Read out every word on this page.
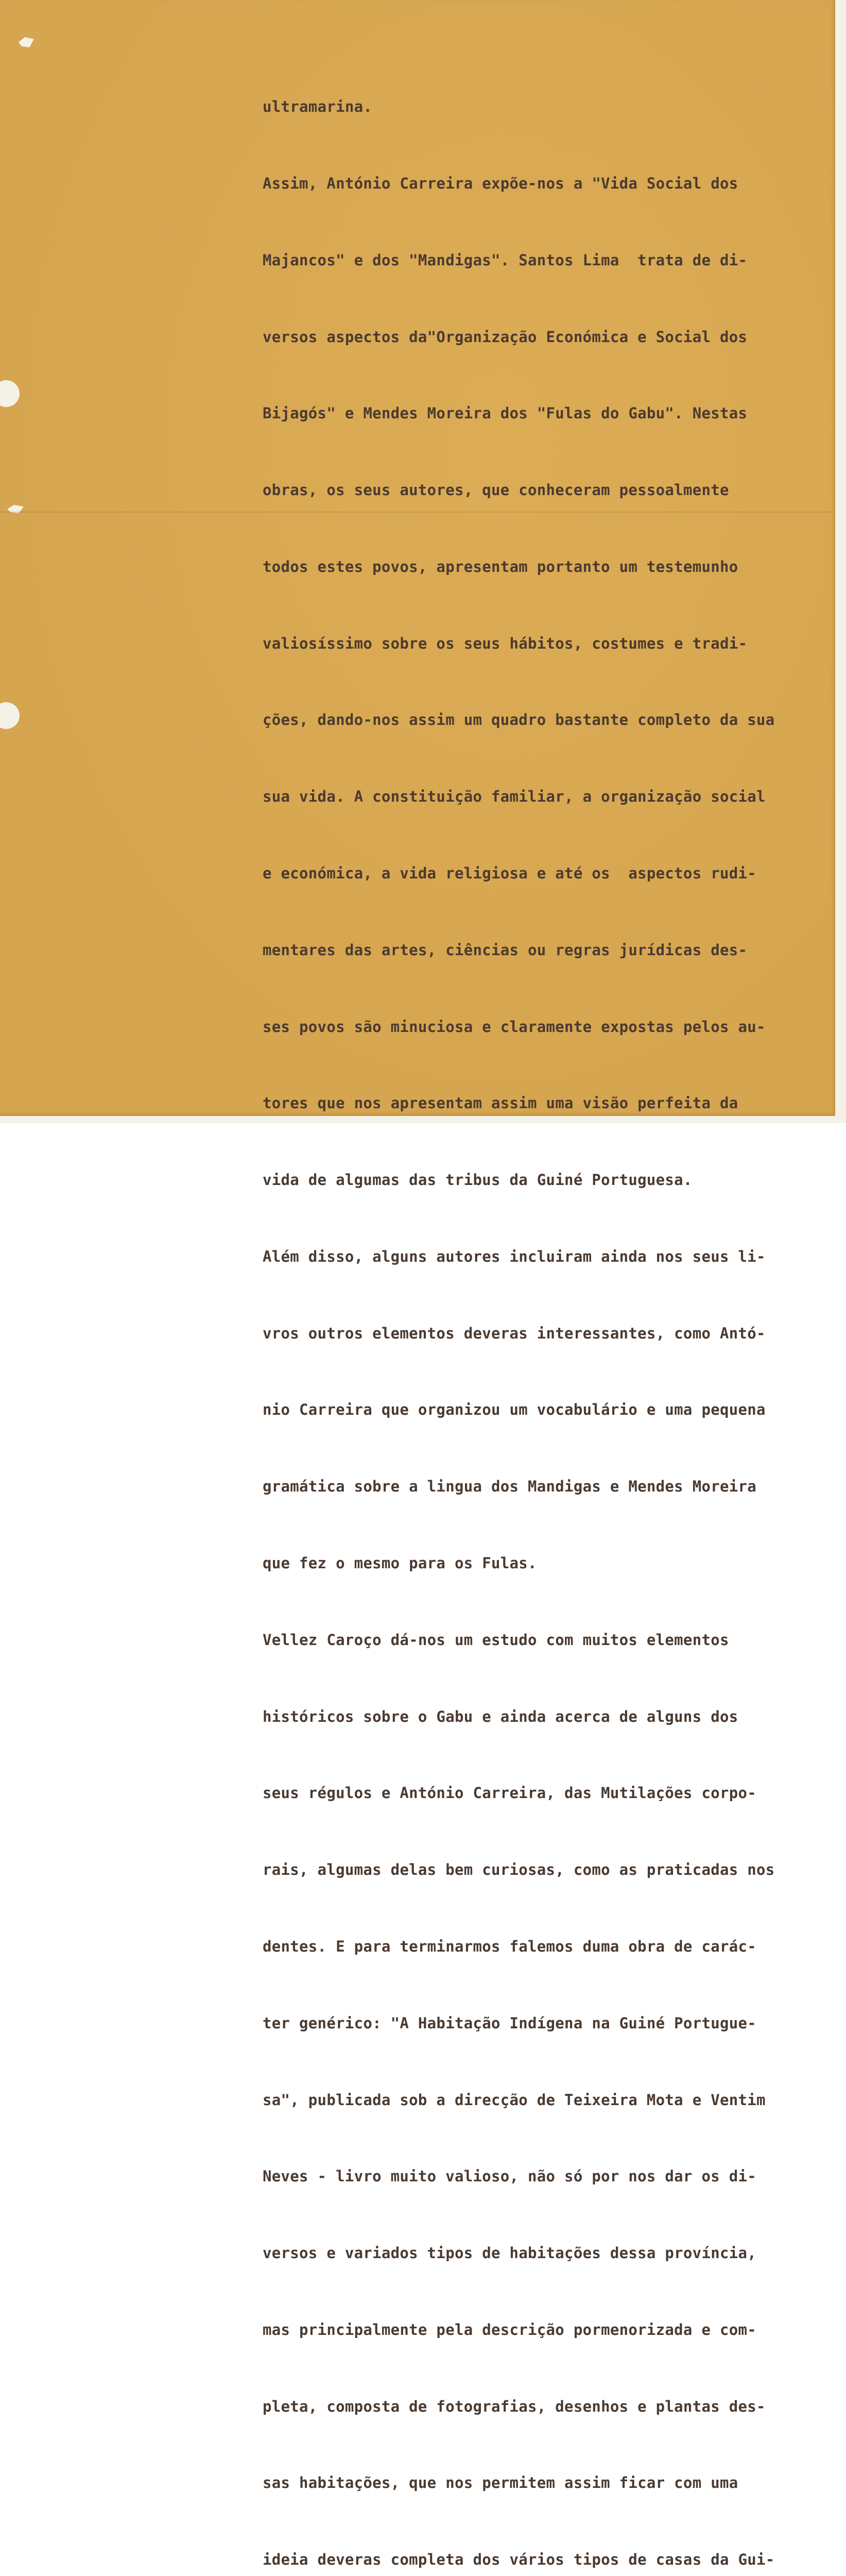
ultramarina.

Assim, António Carreira expõe-nos a "Vida Social dos

Majancos" e dos "Mandigas". Santos Lima  trata de di-

versos aspectos da"Organização Económica e Social dos

Bijagós" e Mendes Moreira dos "Fulas do Gabu". Nestas

obras, os seus autores, que conheceram pessoalmente

todos estes povos, apresentam portanto um testemunho

valiosíssimo sobre os seus hábitos, costumes e tradi-

ções, dando-nos assim um quadro bastante completo da sua

sua vida. A constituição familiar, a organização social

e económica, a vida religiosa e até os  aspectos rudi-

mentares das artes, ciências ou regras jurídicas des-

ses povos são minuciosa e claramente expostas pelos au-

tores que nos apresentam assim uma visão perfeita da

vida de algumas das tribus da Guiné Portuguesa.

Além disso, alguns autores incluiram ainda nos seus li-

vros outros elementos deveras interessantes, como Antó-

nio Carreira que organizou um vocabulário e uma pequena

gramática sobre a lingua dos Mandigas e Mendes Moreira

que fez o mesmo para os Fulas.

Vellez Caroço dá-nos um estudo com muitos elementos

históricos sobre o Gabu e ainda acerca de alguns dos

seus régulos e António Carreira, das Mutilações corpo-

rais, algumas delas bem curiosas, como as praticadas nos

dentes. E para terminarmos falemos duma obra de carác-

ter genérico: "A Habitação Indígena na Guiné Portugue-

sa", publicada sob a direcção de Teixeira Mota e Ventim

Neves - livro muito valioso, não só por nos dar os di-

versos e variados tipos de habitações dessa província,

mas principalmente pela descrição pormenorizada e com-

pleta, composta de fotografias, desenhos e plantas des-

sas habitações, que nos permitem assim ficar com uma

ideia deveras completa dos vários tipos de casas da Gui-
